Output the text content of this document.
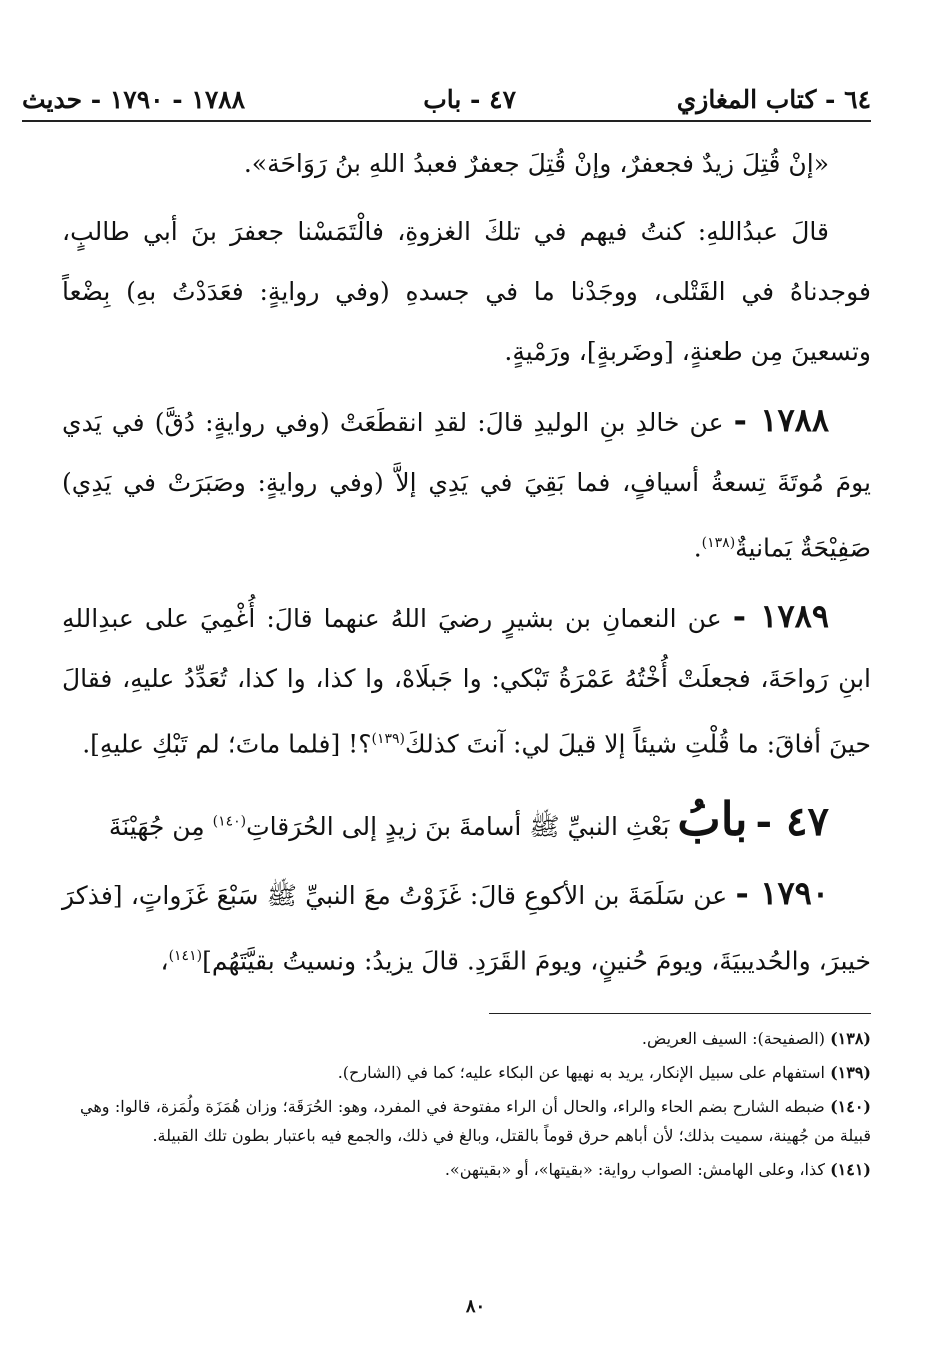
٦٤ - كتاب المغازي
٤٧ - باب
١٧٨٨ - ١٧٩٠ - حديث

«إنْ قُتِلَ زيدٌ فجعفرٌ، وإنْ قُتِلَ جعفرٌ فعبدُ اللهِ بنُ رَوَاحَة».

قالَ عبدُاللهِ: كنتُ فيهم في تلكَ الغزوةِ، فالْتَمَسْنا جعفرَ بنَ أبي طالبٍ، فوجدناهُ في القَتْلى، ووجَدْنا ما في جسدهِ (وفي روايةٍ: فعَدَدْتُ بهِ) بِضْعاً وتسعينَ مِن طعنةٍ، [وضَربةٍ]، ورَمْيةٍ.

١٧٨٨ - عن خالدِ بنِ الوليدِ قالَ: لقدِ انقطَعَتْ (وفي روايةٍ: دُقَّ) في يَدي يومَ مُوتَةَ تِسعةُ أسيافٍ، فما بَقِيَ في يَدِي إلاَّ (وفي روايةٍ: وصَبَرَتْ في يَدِي) صَفِيْحَةٌ يَمانيةٌ$^{(١٣٨)}$.

١٧٨٩ - عن النعمانِ بن بشيرٍ رضيَ اللهُ عنهما قالَ: أُغْمِيَ على عبدِاللهِ ابنِ رَواحَةَ، فجعلَتْ أُخْتُهُ عَمْرَةُ تَبْكي: وا جَبلَاهْ، وا كذا، وا كذا، تُعَدِّدُ عليهِ، فقالَ حينَ أفاقَ: ما قُلْتِ شيئاً إلا قيلَ لي: آنتَ كذلكَ$^{(١٣٩)}$؟! [فلما ماتَ؛ لم تَبْكِ عليهِ].

٤٧ - بابُ بَعْثِ النبيِّ ﷺ أسامةَ بنَ زيدٍ إلى الحُرَقاتِ$^{(١٤٠)}$ مِن جُهَيْنَةَ

١٧٩٠ - عن سَلَمَةَ بن الأكوعِ قالَ: غَزَوْتُ معَ النبيِّ ﷺ سَبْعَ غَزَواتٍ، [فذكرَ خيبرَ، والحُديبيَةَ، ويومَ حُنينٍ، ويومَ القَرَدِ. قالَ يزيدُ: ونسيتُ بقيَّتَهُم]$^{(١٤١)}$،

(١٣٨) (الصفيحة): السيف العريض.

(١٣٩) استفهام على سبيل الإنكار، يريد به نهيها عن البكاء عليه؛ كما في (الشارح).

(١٤٠) ضبطه الشارح بضم الحاء والراء، والحال أن الراء مفتوحة في المفرد، وهو: الحُرَقَة؛ وزان هُمَزَة ولُمَزة، قالوا: وهي قبيلة من جُهينة، سميت بذلك؛ لأن أباهم حرق قوماً بالقتل، وبالغ في ذلك، والجمع فيه باعتبار بطون تلك القبيلة.

(١٤١) كذا، وعلى الهامش: الصواب رواية: «بقيتها»، أو «بقيتهن».

٨٠
